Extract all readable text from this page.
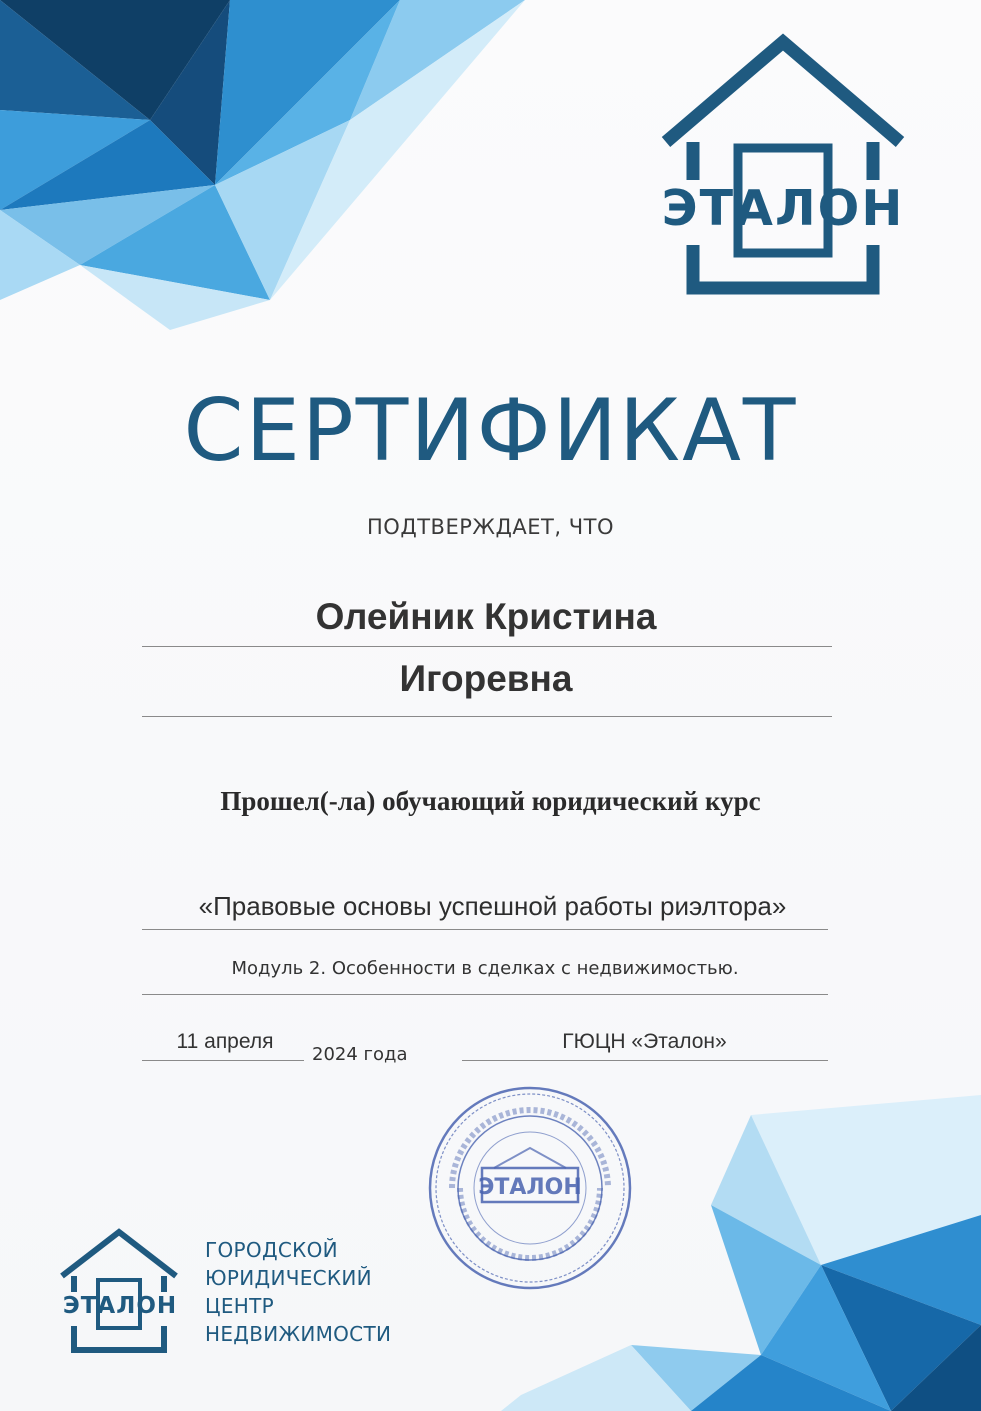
ЭТАЛОН
СЕРТИФИКАТ
ПОДТВЕРЖДАЕТ, ЧТО
Олейник Кристина
Игоревна
Прошел(-ла) обучающий юридический курс
«Правовые основы успешной работы риэлтора»
Модуль 2. Особенности в сделках с недвижимостью.
11 апреля
2024 года
ГЮЦН «Эталон»
ЭТАЛОН
ЭТАЛОН
ГОРОДСКОЙ
ЮРИДИЧЕСКИЙ
ЦЕНТР
НЕДВИЖИМОСТИ
